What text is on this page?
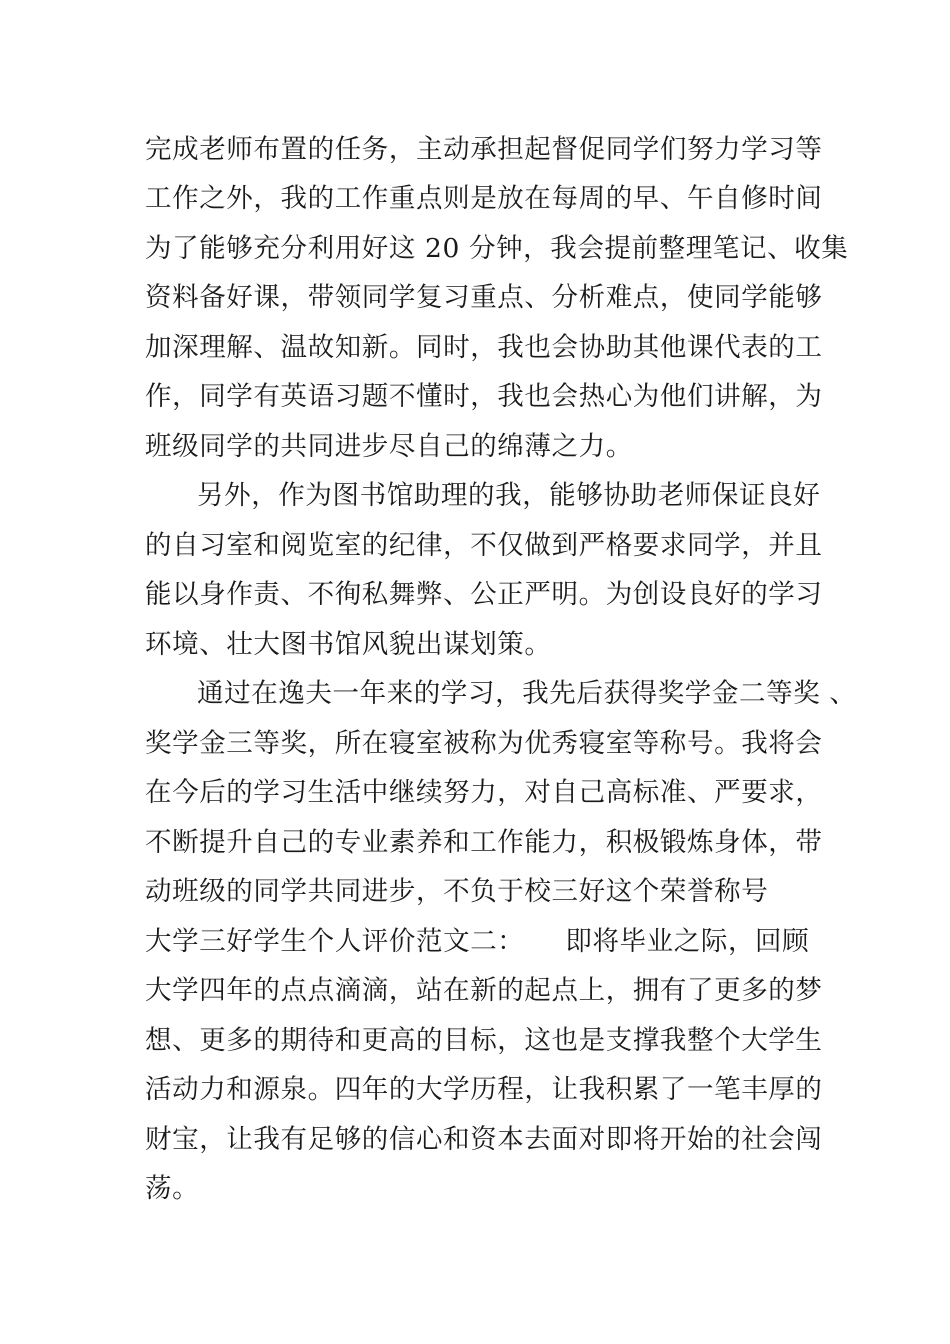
完成老师布置的任务，主动承担起督促同学们努力学习等
工作之外，我的工作重点则是放在每周的早、午自修时间
为了能够充分利用好这 20 分钟，我会提前整理笔记、收集
资料备好课，带领同学复习重点、分析难点，使同学能够
加深理解、温故知新。同时，我也会协助其他课代表的工
作，同学有英语习题不懂时，我也会热心为他们讲解，为
班级同学的共同进步尽自己的绵薄之力。
另外，作为图书馆助理的我，能够协助老师保证良好
的自习室和阅览室的纪律，不仅做到严格要求同学，并且
能以身作责、不徇私舞弊、公正严明。为创设良好的学习
环境、壮大图书馆风貌出谋划策。
通过在逸夫一年来的学习，我先后获得奖学金二等奖 、
奖学金三等奖，所在寝室被称为优秀寝室等称号。我将会
在今后的学习生活中继续努力，对自己高标准、严要求，
不断提升自己的专业素养和工作能力，积极锻炼身体，带
动班级的同学共同进步，不负于校三好这个荣誉称号
大学三好学生个人评价范文二：　　即将毕业之际，回顾
大学四年的点点滴滴，站在新的起点上，拥有了更多的梦
想、更多的期待和更高的目标，这也是支撑我整个大学生
活动力和源泉。四年的大学历程，让我积累了一笔丰厚的
财宝，让我有足够的信心和资本去面对即将开始的社会闯
荡。
